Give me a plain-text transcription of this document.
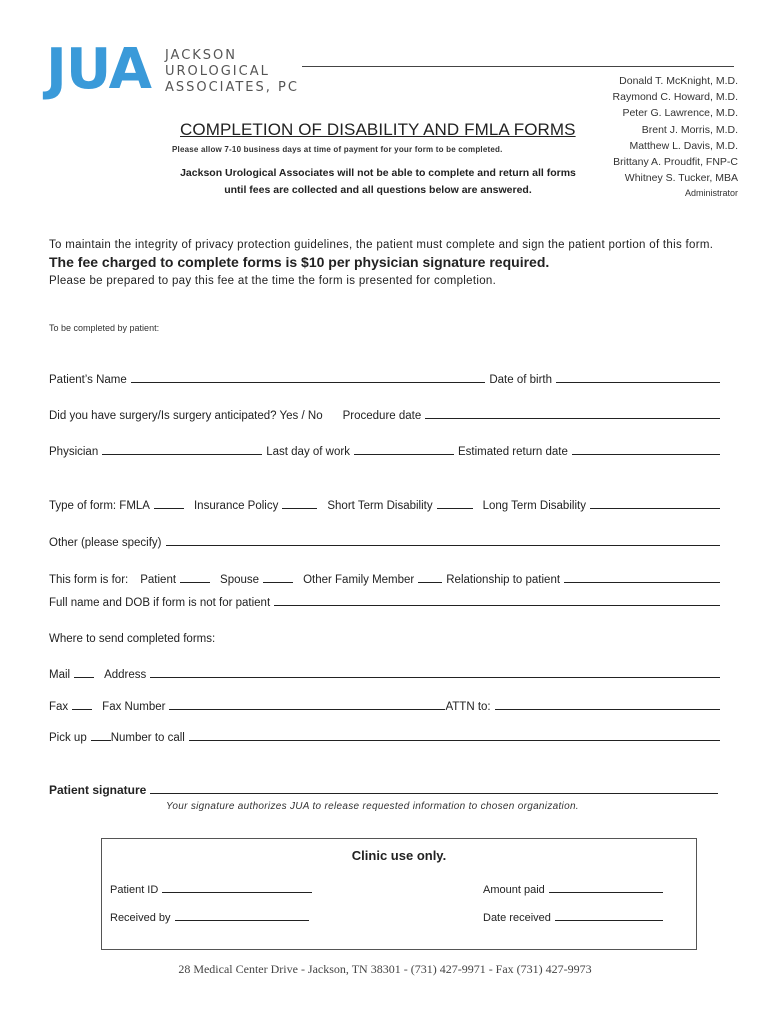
JUA JACKSON
UROLOGICAL
ASSOCIATES, PC	Donald T. McKnight, M.D.
Raymond C. Howard, M.D.
Peter G. Lawrence, M.D.
Brent J. Morris, M.D.
Matthew L. Davis, M.D.
Brittany A. Proudfit, FNP-C
Whitney S. Tucker, MBA
Administrator
COMPLETION OF DISABILITY AND FMLA FORMS
Please allow 7-10 business days at time of payment for your form to be completed.
Jackson Urological Associates will not be able to complete and return all forms
until fees are collected and all questions below are answered.
To maintain the integrity of privacy protection guidelines, the patient must complete and sign the patient portion of this form. The fee charged to complete forms is $10 per physician signature required.
Please be prepared to pay this fee at the time the form is presented for completion.
To be completed by patient:
Patient’s Name	Date of birth
Did you have surgery/Is surgery anticipated? Yes / No Procedure date
Physician	Last day of work	Estimated return date
Type of form: FMLA	Insurance Policy	Short Term Disability	Long Term Disability
Other (please specify)
This form is for: Patient	Spouse	Other Family Member	Relationship to patient
Full name and DOB if form is not for patient
Where to send completed forms:
Mail	Address
Fax	Fax Number	ATTN to:
Pick up Number to call
Patient signature
Your signature authorizes JUA to release requested information to chosen organization.
Clinic use only.
Patient ID	Amount paid
Received by	Date received
28 Medical Center Drive - Jackson, TN 38301 - (731) 427-9971 - Fax (731) 427-9973
